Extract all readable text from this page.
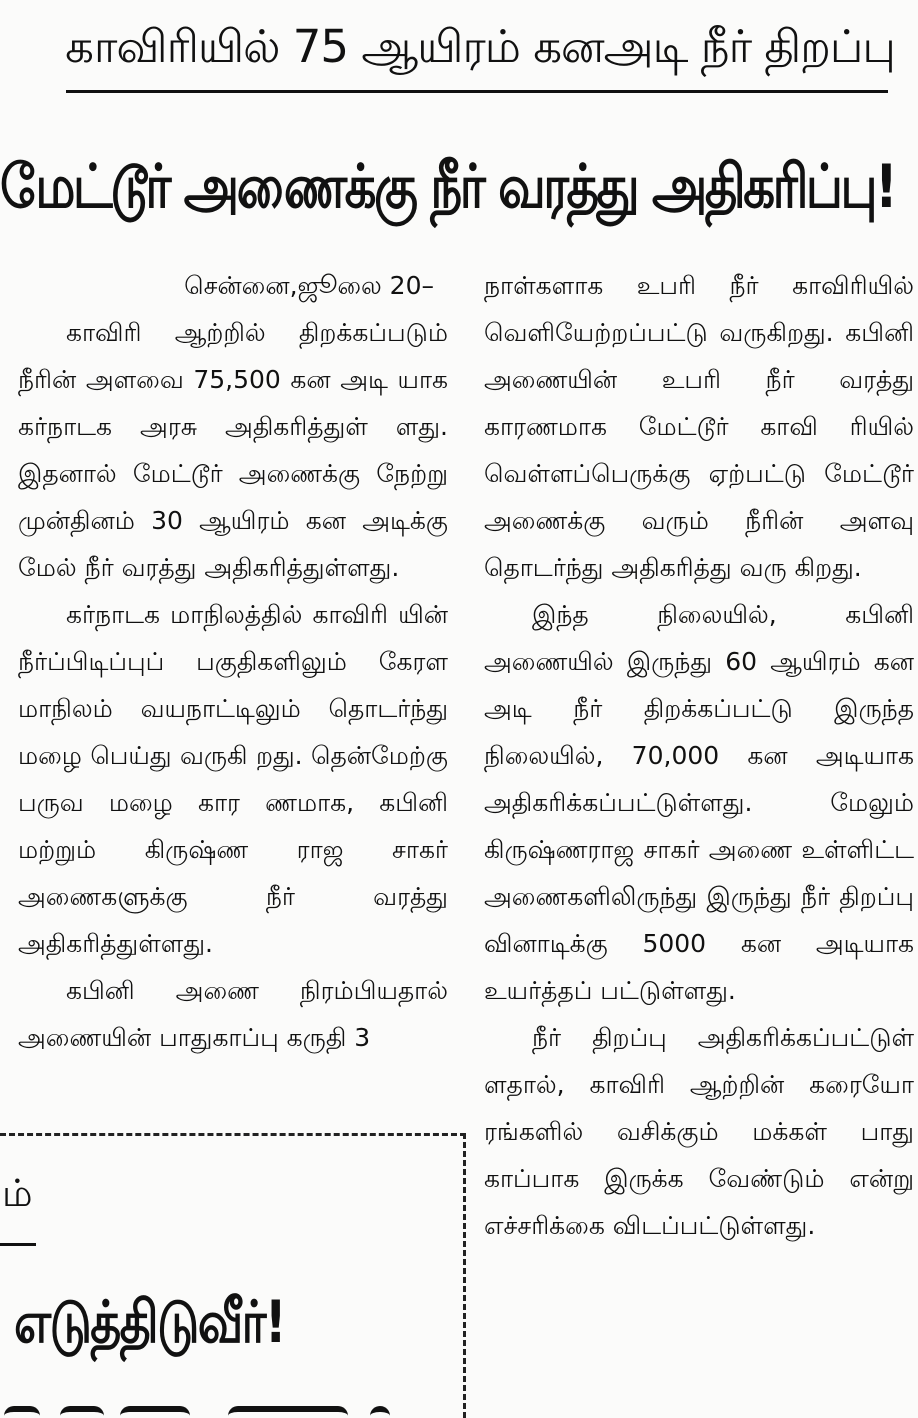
காவிரியில் 75 ஆயிரம் கனஅடி நீர் திறப்பு
மேட்டூர் அணைக்கு நீர் வரத்து அதிகரிப்பு!

சென்னை,ஜூலை 20–

காவிரி ஆற்றில் திறக்கப்படும் நீரின் அளவை 75,500 கன அடி யாக கர்நாடக அரசு அதிகரித்துள் ளது. இதனால் மேட்டூர் அணைக்கு நேற்று முன்தினம் 30 ஆயிரம் கன அடிக்கு மேல் நீர் வரத்து அதிகரித்துள்ளது.

கர்நாடக மாநிலத்தில் காவிரி யின் நீர்ப்பிடிப்புப் பகுதிகளிலும் கேரள மாநிலம் வயநாட்டிலும் தொடர்ந்து மழை பெய்து வருகி றது. தென்மேற்கு பருவ மழை கார ணமாக, கபினி மற்றும் கிருஷ்ண ராஜ சாகர் அணைகளுக்கு நீர் வரத்து அதிகரித்துள்ளது.

கபினி அணை நிரம்பியதால் அணையின் பாதுகாப்பு கருதி 3

நாள்களாக உபரி நீர் காவிரியில் வெளியேற்றப்பட்டு வருகிறது. கபினி அணையின் உபரி நீர் வரத்து காரணமாக மேட்டூர் காவி ரியில் வெள்ளப்பெருக்கு ஏற்பட்டு மேட்டூர் அணைக்கு வரும் நீரின் அளவு தொடர்ந்து அதிகரித்து வரு கிறது.

இந்த நிலையில், கபினி அணையில் இருந்து 60 ஆயிரம் கன அடி நீர் திறக்கப்பட்டு இருந்த நிலையில், 70,000 கன அடியாக அதிகரிக்கப்பட்டுள்ளது. மேலும் கிருஷ்ணராஜ சாகர் அணை உள்ளிட்ட அணைகளிலிருந்து இருந்து நீர் திறப்பு வினாடிக்கு 5000 கன அடியாக உயர்த்தப் பட்டுள்ளது.

நீர் திறப்பு அதிகரிக்கப்பட்டுள் ளதால், காவிரி ஆற்றின் கரையோ ரங்களில் வசிக்கும் மக்கள் பாது காப்பாக இருக்க வேண்டும் என்று எச்சரிக்கை விடப்பட்டுள்ளது.

ம்
எடுத்திடுவீர்!
